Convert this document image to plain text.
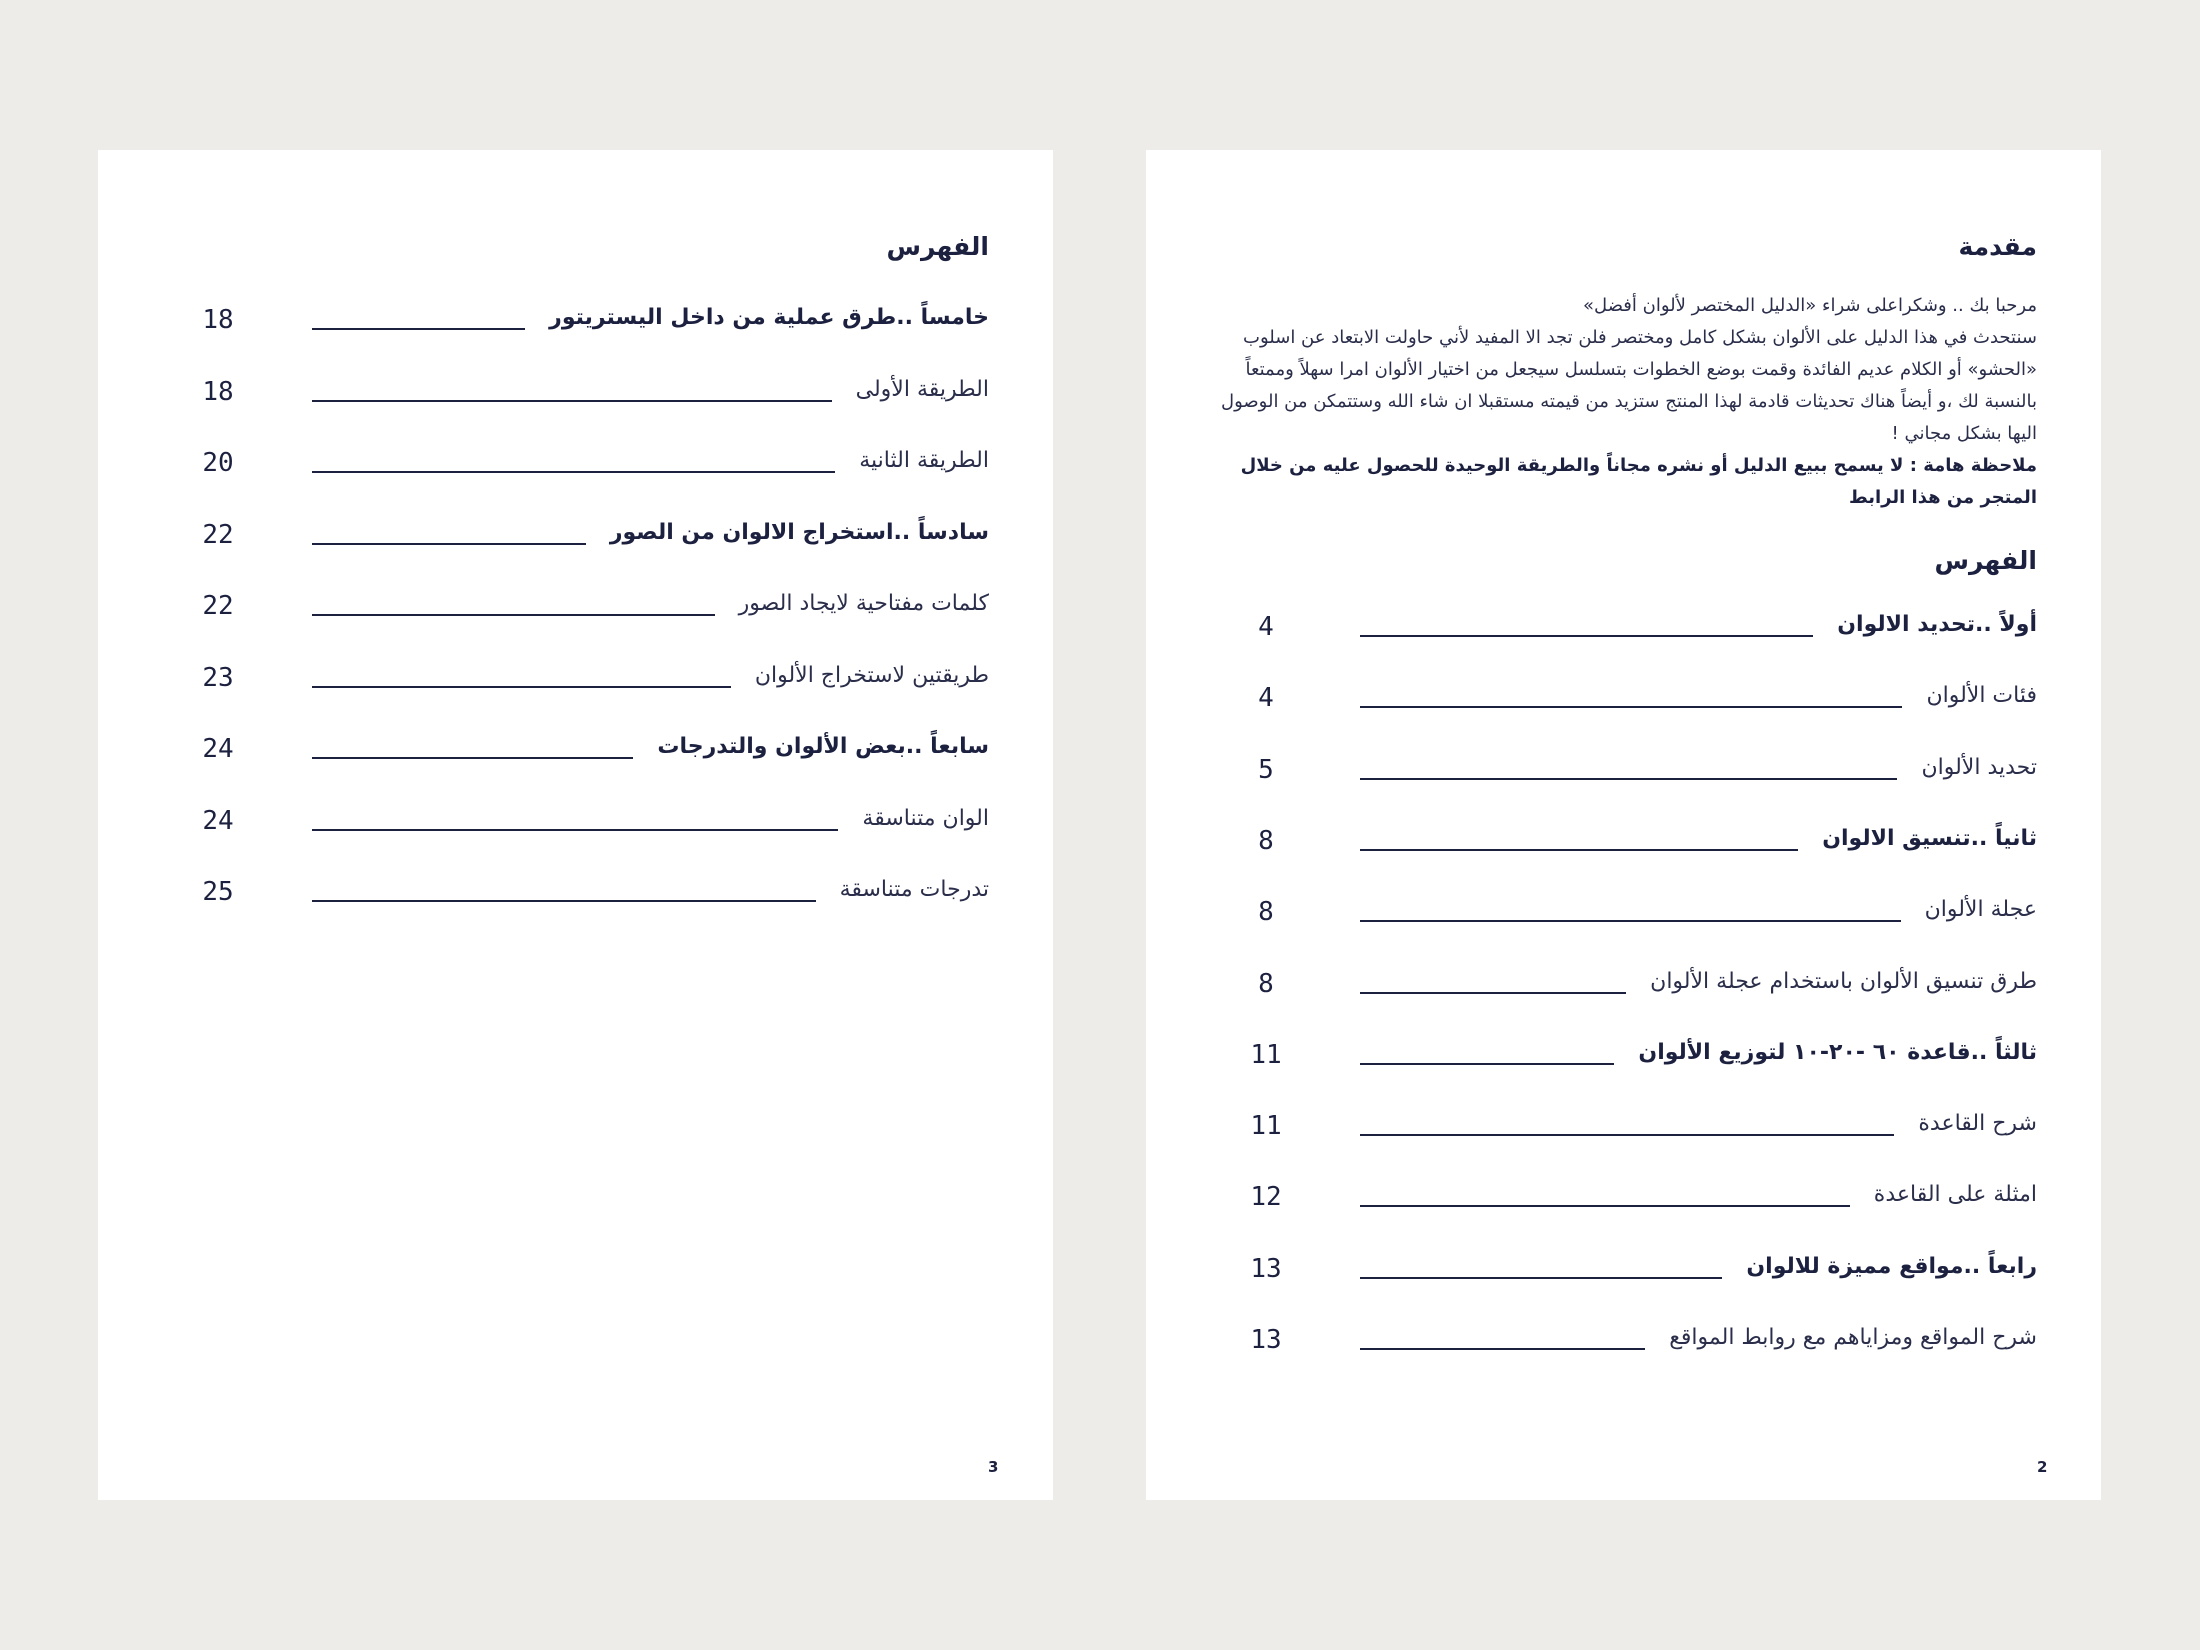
الفهرس
خامساً ..طرق عملية من داخل اليستريتور
18
الطريقة الأولى
18
الطريقة الثانية
20
سادساً ..استخراج الالوان من الصور
22
كلمات مفتاحية لايجاد الصور
22
طريقتين لاستخراج الألوان
23
سابعاً ..بعض الألوان والتدرجات
24
الوان متناسقة
24
تدرجات متناسقة
25
3
مقدمة

مرحبا بك .. وشكراعلى شراء «الدليل المختصر لألوان أفضل»

سنتحدث في هذا الدليل على الألوان بشكل كامل ومختصر فلن تجد الا المفيد لأني حاولت الابتعاد عن اسلوب «الحشو» أو الكلام عديم الفائدة وقمت بوضع الخطوات بتسلسل سيجعل من اختيار الألوان امرا سهلاً وممتعاً بالنسبة لك ،و أيضاً هناك تحديثات قادمة لهذا المنتج ستزيد من قيمته مستقبلا ان شاء الله وستتمكن من الوصول اليها بشكل مجاني !

ملاحظة هامة : لا يسمح ببيع الدليل أو نشره مجاناً والطريقة الوحيدة للحصول عليه من خلال المتجر من هذا الرابط

الفهرس
أولاً ..تحديد الالوان
4
فئات الألوان
4
تحديد الألوان
5
ثانياً ..تنسيق الالوان
8
عجلة الألوان
8
طرق تنسيق الألوان باستخدام عجلة الألوان
8
ثالثاً ..قاعدة ٦٠ -٢٠-١٠ لتوزيع الألوان
11
شرح القاعدة
11
امثلة على القاعدة
12
رابعاً ..مواقع مميزة للالوان
13
شرح المواقع ومزاياهم مع روابط المواقع
13
2
